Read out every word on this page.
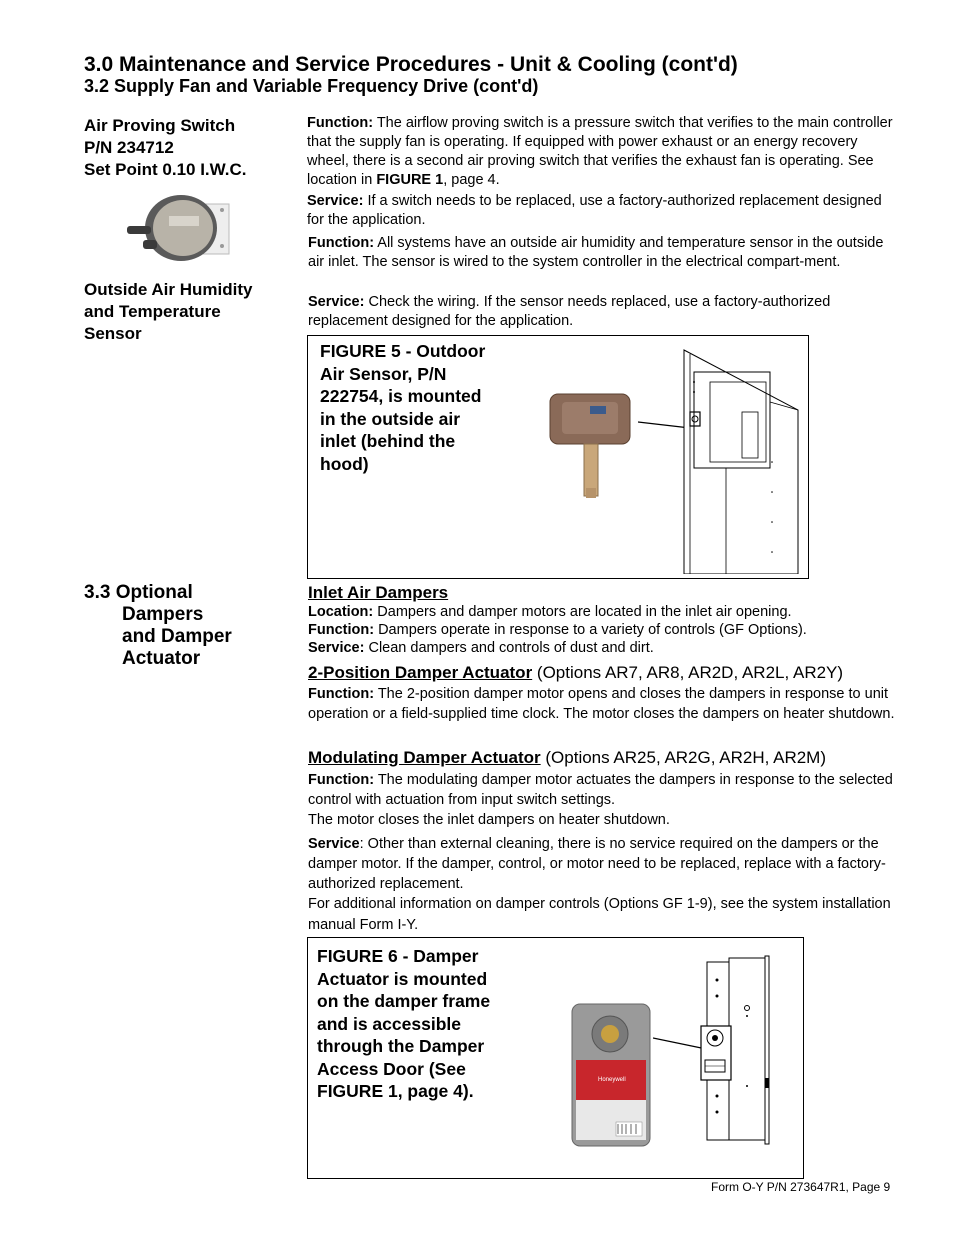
3.0 Maintenance and Service Procedures - Unit & Cooling (cont'd)
3.2 Supply Fan and Variable Frequency Drive (cont'd)
Air Proving Switch
P/N 234712
Set Point 0.10 I.W.C.
Function: The airflow proving switch is a pressure switch that verifies to the main controller that the supply fan is operating. If equipped with power exhaust or an energy recovery wheel, there is a second air proving switch that verifies the exhaust fan is operating. See location in FIGURE 1, page 4.
Service: If a switch needs to be replaced, use a factory-authorized replacement designed for the application.
Outside Air Humidity
and Temperature
Sensor
Function: All systems have an outside air humidity and temperature sensor in the outside air inlet. The sensor is wired to the system controller in the electrical compart-ment.
Service: Check the wiring. If the sensor needs replaced, use a factory-authorized replacement designed for the application.
FIGURE 5 - Outdoor
Air Sensor, P/N
222754, is mounted
in the outside air
inlet (behind the
hood)
3.3 Optional
Dampers
and Damper
Actuator
Inlet Air Dampers
Location: Dampers and damper motors are located in the inlet air opening.
Function: Dampers operate in response to a variety of controls (GF Options).
Service: Clean dampers and controls of dust and dirt.
2-Position Damper Actuator (Options AR7, AR8, AR2D, AR2L, AR2Y)
Function: The 2-position damper motor opens and closes the dampers in response to unit operation or a field-supplied time clock. The motor closes the dampers on heater shutdown.
Modulating Damper Actuator (Options AR25, AR2G, AR2H, AR2M)
Function: The modulating damper motor actuates the dampers in response to the selected control with actuation from input switch settings.
The motor closes the inlet dampers on heater shutdown.
Service: Other than external cleaning, there is no service required on the dampers or the damper motor. If the damper, control, or motor need to be replaced, replace with a factory-authorized replacement.
For additional information on damper controls (Options GF 1-9), see the system installation manual Form I-Y.
FIGURE 6 - Damper
Actuator is mounted
on the damper frame
and is accessible
through the Damper
Access Door (See
FIGURE 1, page 4).
Honeywell
Form O-Y P/N 273647R1, Page 9
